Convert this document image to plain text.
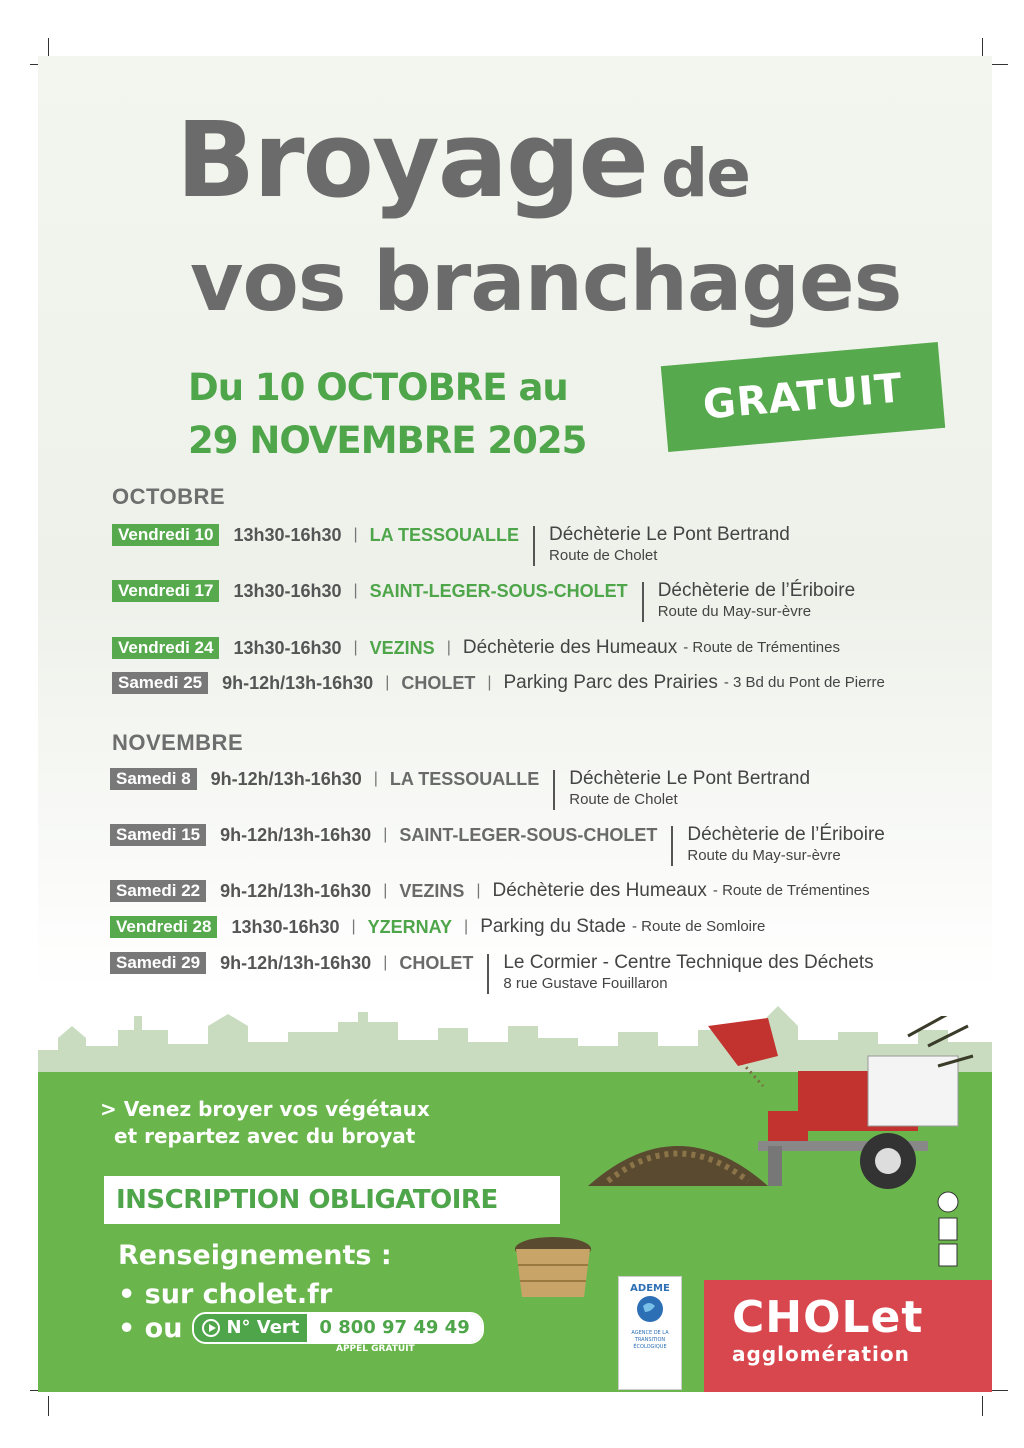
Broyage de
vos branchages
Du 10 OCTOBRE au
29 NOVEMBRE 2025
GRATUIT
OCTOBRE
Vendredi 10	13h30-16h30 | LA TESSOUALLE Déchèterie Le Pont Bertrand
Route de Cholet
Vendredi 17	13h30-16h30 | SAINT-LEGER-SOUS-CHOLET Déchèterie de l’Ériboire
Route du May-sur-èvre
Vendredi 24	13h30-16h30 | VEZINS | Déchèterie des Humeaux - Route de Trémentines
Samedi 25	9h-12h/13h-16h30 | CHOLET | Parking Parc des Prairies - 3 Bd du Pont de Pierre
NOVEMBRE
Samedi 8	9h-12h/13h-16h30 | LA TESSOUALLE Déchèterie Le Pont Bertrand
Route de Cholet
Samedi 15	9h-12h/13h-16h30 | SAINT-LEGER-SOUS-CHOLET Déchèterie de l’Ériboire
Route du May-sur-èvre
Samedi 22	9h-12h/13h-16h30 | VEZINS | Déchèterie des Humeaux - Route de Trémentines
Vendredi 28	13h30-16h30 | YZERNAY | Parking du Stade - Route de Somloire
Samedi 29	9h-12h/13h-16h30 | CHOLET Le Cormier - Centre Technique des Déchets
8 rue Gustave Fouillaron
> Venez broyer vos végétaux
et repartez avec du broyat
INSCRIPTION OBLIGATOIRE
Renseignements :
• sur cholet.fr
• ou N° Vert	0 800 97 49 49
APPEL GRATUIT
ADEME
AGENCE DE LA TRANSITION ÉCOLOGIQUE
CHOLet
agglomération
